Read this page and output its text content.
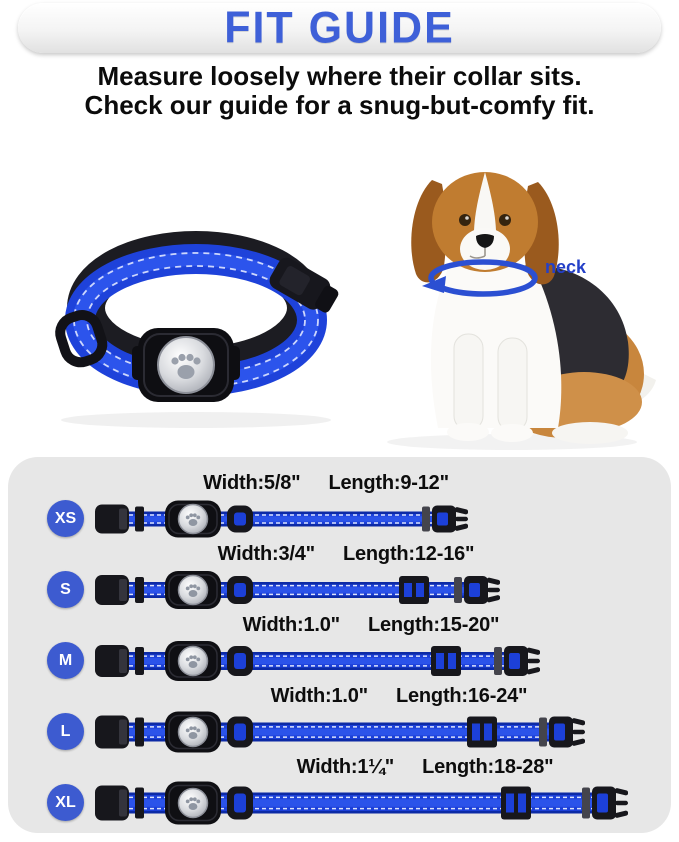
FIT GUIDE
Measure loosely where their collar sits.
Check our guide for a snug-but-comfy fit.
neck
Width:5/8" Length:9-12"
XS
Width:3/4" Length:12-16"
S
Width:1.0" Length:15-20"
M
Width:1.0" Length:16-24"
L
Width:1¼" Length:18-28"
XL
